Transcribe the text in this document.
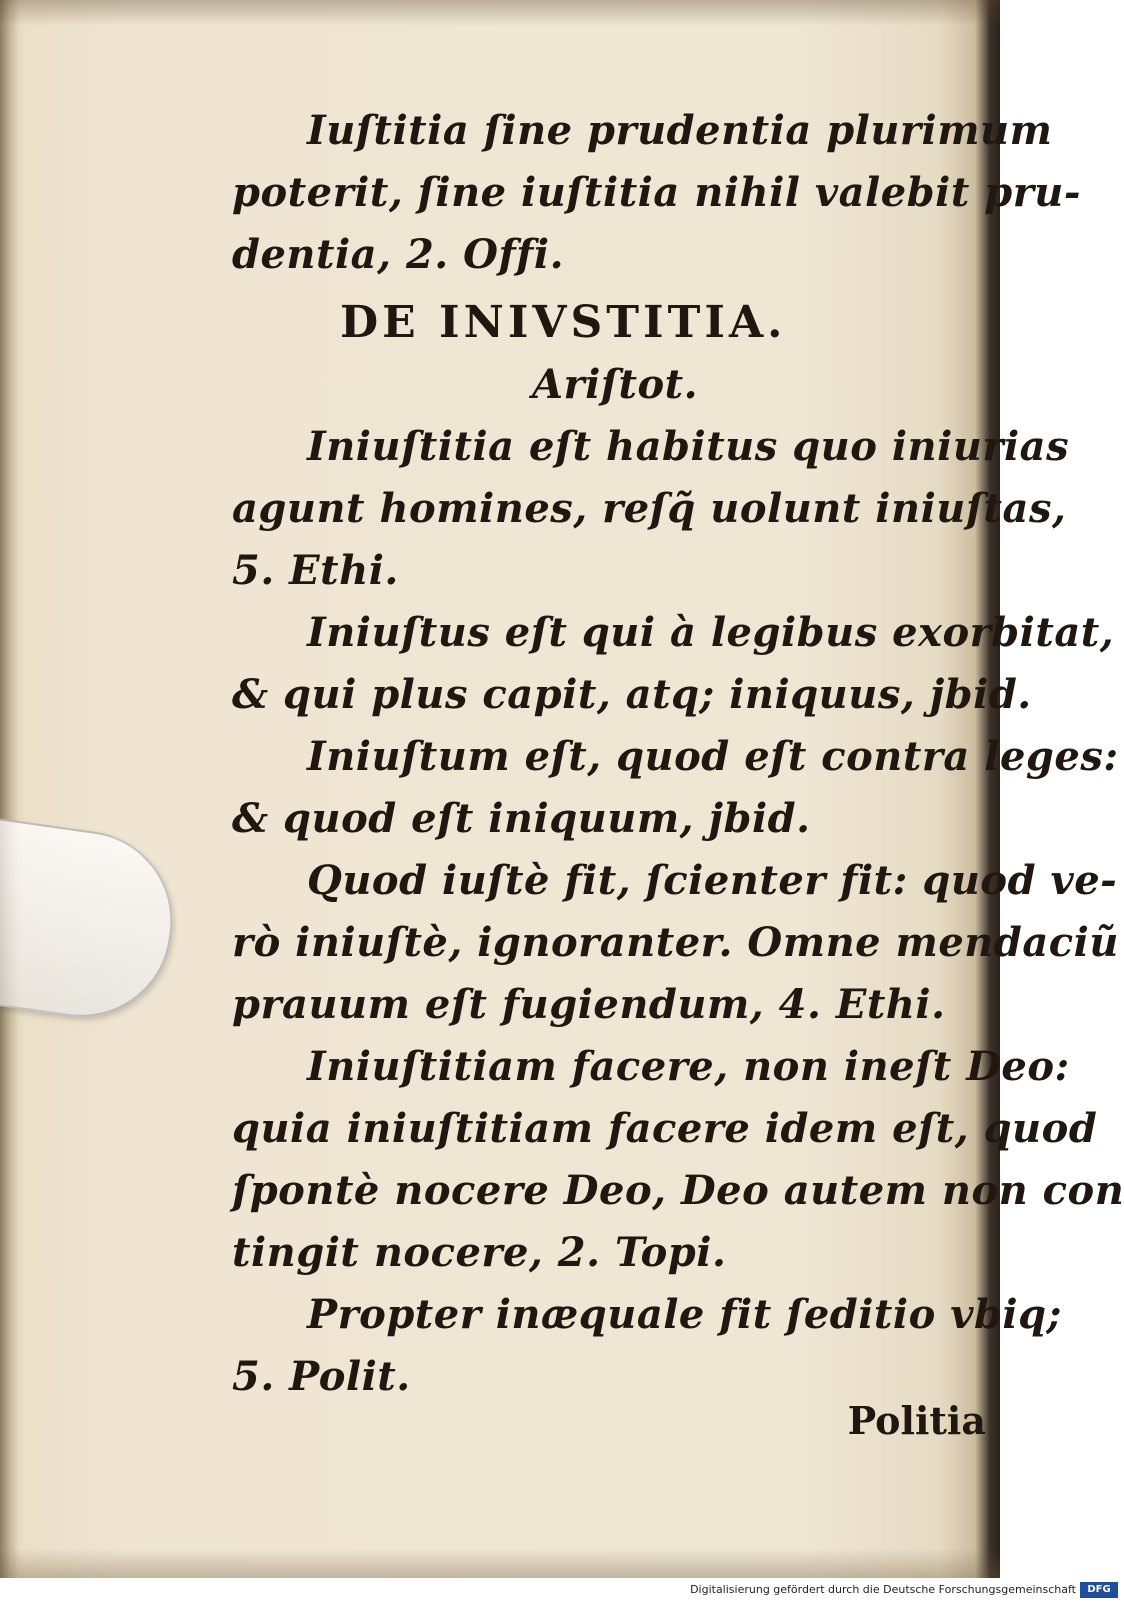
Iuſtitia ſine prudentia plurimum
poterit, ſine iuſtitia nihil valebit pru-
dentia, 2. Offi.
DE INIVSTITIA.
Ariſtot.
Iniuſtitia eſt habitus quo iniurias
agunt homines, reſq̃ uolunt iniuſtas,
5. Ethi.
Iniuſtus eſt qui à legibus exorbitat,
& qui plus capit, atq; iniquus, jbid.
Iniuſtum eſt, quod eſt contra leges:
& quod eſt iniquum, jbid.
Quod iuſtè fit, ſcienter fit: quod ve-
rò iniuſtè, ignoranter. Omne mendaciũ
prauum eſt fugiendum, 4. Ethi.
Iniuſtitiam facere, non ineſt Deo:
quia iniuſtitiam facere idem eſt, quod
ſpontè nocere Deo, Deo autem non con
tingit nocere, 2. Topi.
Propter inæquale fit ſeditio vbiq;
5. Polit.
Politia
Digitalisierung gefördert durch die Deutsche Forschungsgemeinschaft	DFG
